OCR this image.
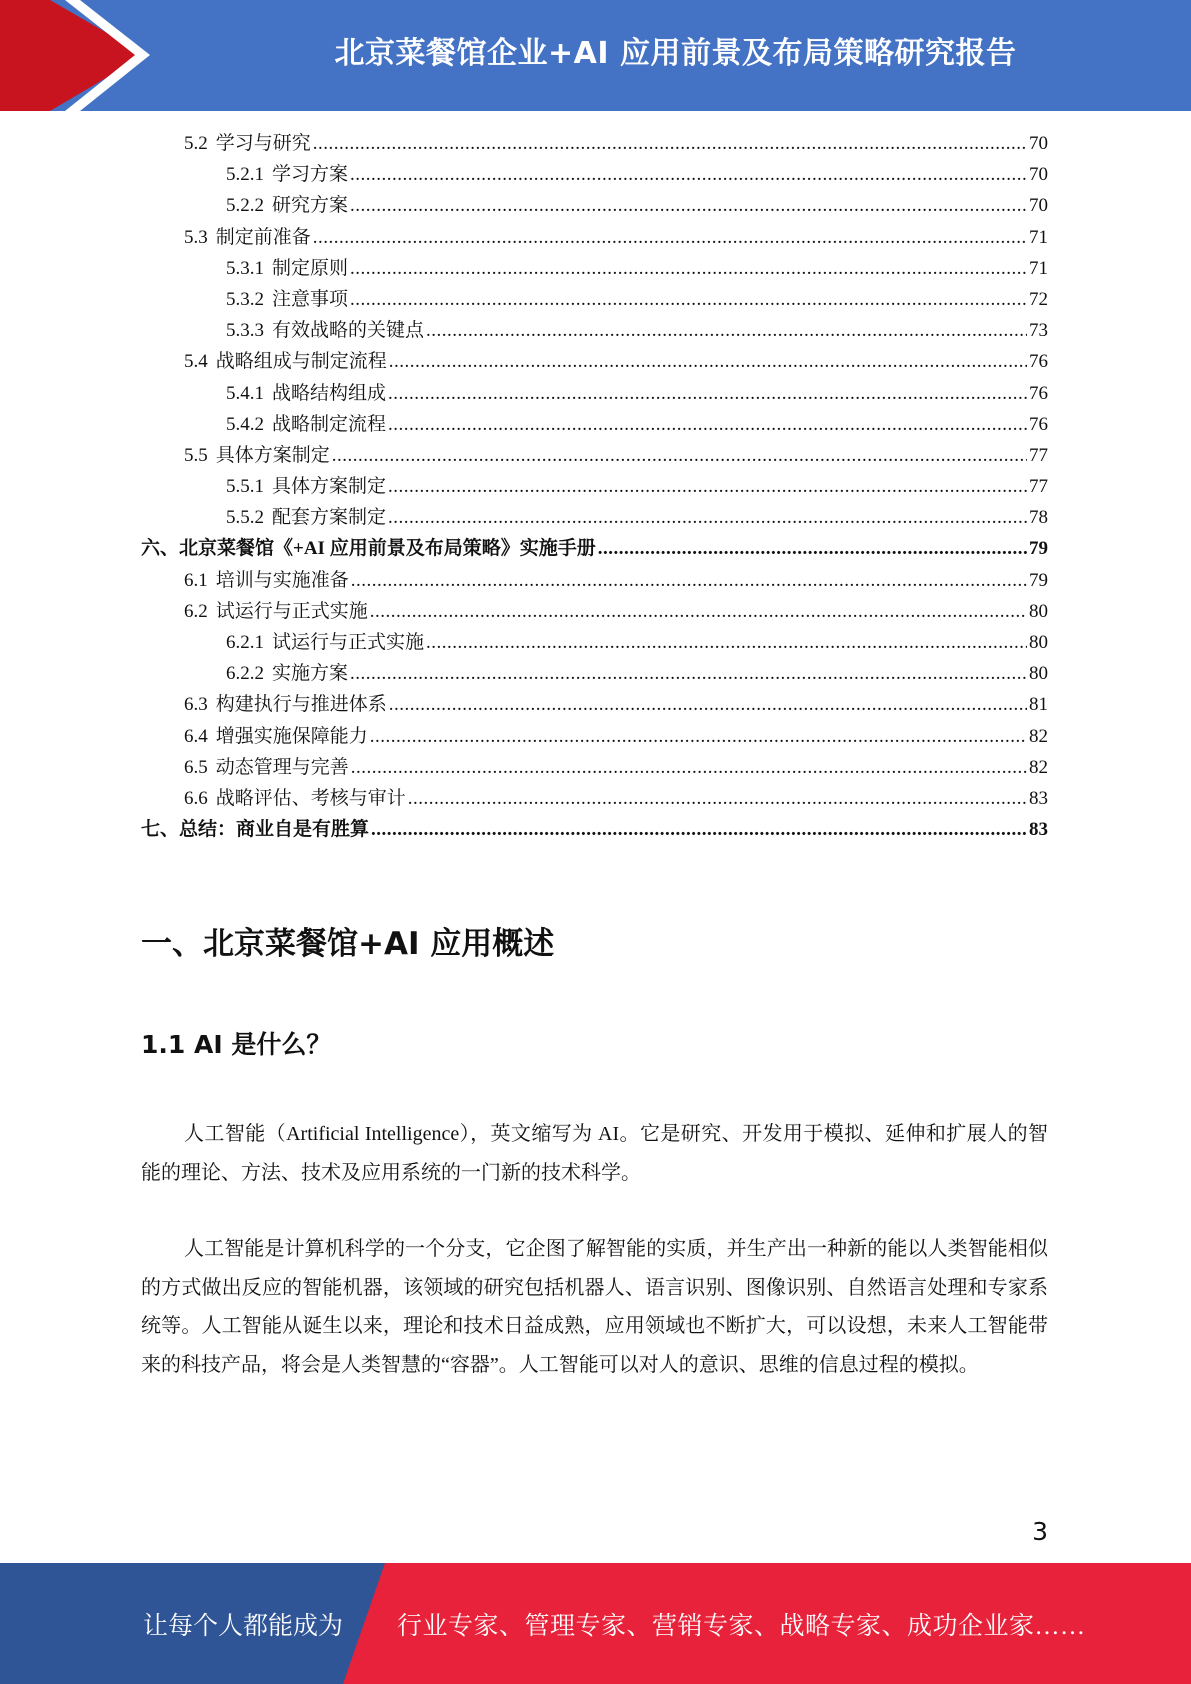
北京菜餐馆企业+AI 应用前景及布局策略研究报告
5.2 学习与研究 .....	70
5.2.1 学习方案 .....	70
5.2.2 研究方案 .....	70
5.3 制定前准备 .....	71
5.3.1 制定原则 .....	71
5.3.2 注意事项 .....	72
5.3.3 有效战略的关键点 .....	73
5.4 战略组成与制定流程 .....	76
5.4.1 战略结构组成 .....	76
5.4.2 战略制定流程 .....	76
5.5 具体方案制定 .....	77
5.5.1 具体方案制定 .....	77
5.5.2 配套方案制定 .....	78
六、北京菜餐馆《+AI 应用前景及布局策略》实施手册 .....	79
6.1 培训与实施准备 .....	79
6.2 试运行与正式实施 .....	80
6.2.1 试运行与正式实施 .....	80
6.2.2 实施方案 .....	80
6.3 构建执行与推进体系 .....	81
6.4 增强实施保障能力 .....	82
6.5 动态管理与完善 .....	82
6.6 战略评估、考核与审计 .....	83
七、总结：商业自是有胜算 .....	83
一、北京菜餐馆+AI 应用概述
1.1 AI 是什么？

人工智能（Artificial Intelligence），英文缩写为 AI。它是研究、开发用于模拟、延伸和扩展人的智能的理论、方法、技术及应用系统的一门新的技术科学。

人工智能是计算机科学的一个分支，它企图了解智能的实质，并生产出一种新的能以人类智能相似的方式做出反应的智能机器，该领域的研究包括机器人、语言识别、图像识别、自然语言处理和专家系统等。人工智能从诞生以来，理论和技术日益成熟，应用领域也不断扩大，可以设想，未来人工智能带来的科技产品，将会是人类智慧的“容器”。人工智能可以对人的意识、思维的信息过程的模拟。

3
让每个人都能成为 行业专家、管理专家、营销专家、战略专家、成功企业家……
